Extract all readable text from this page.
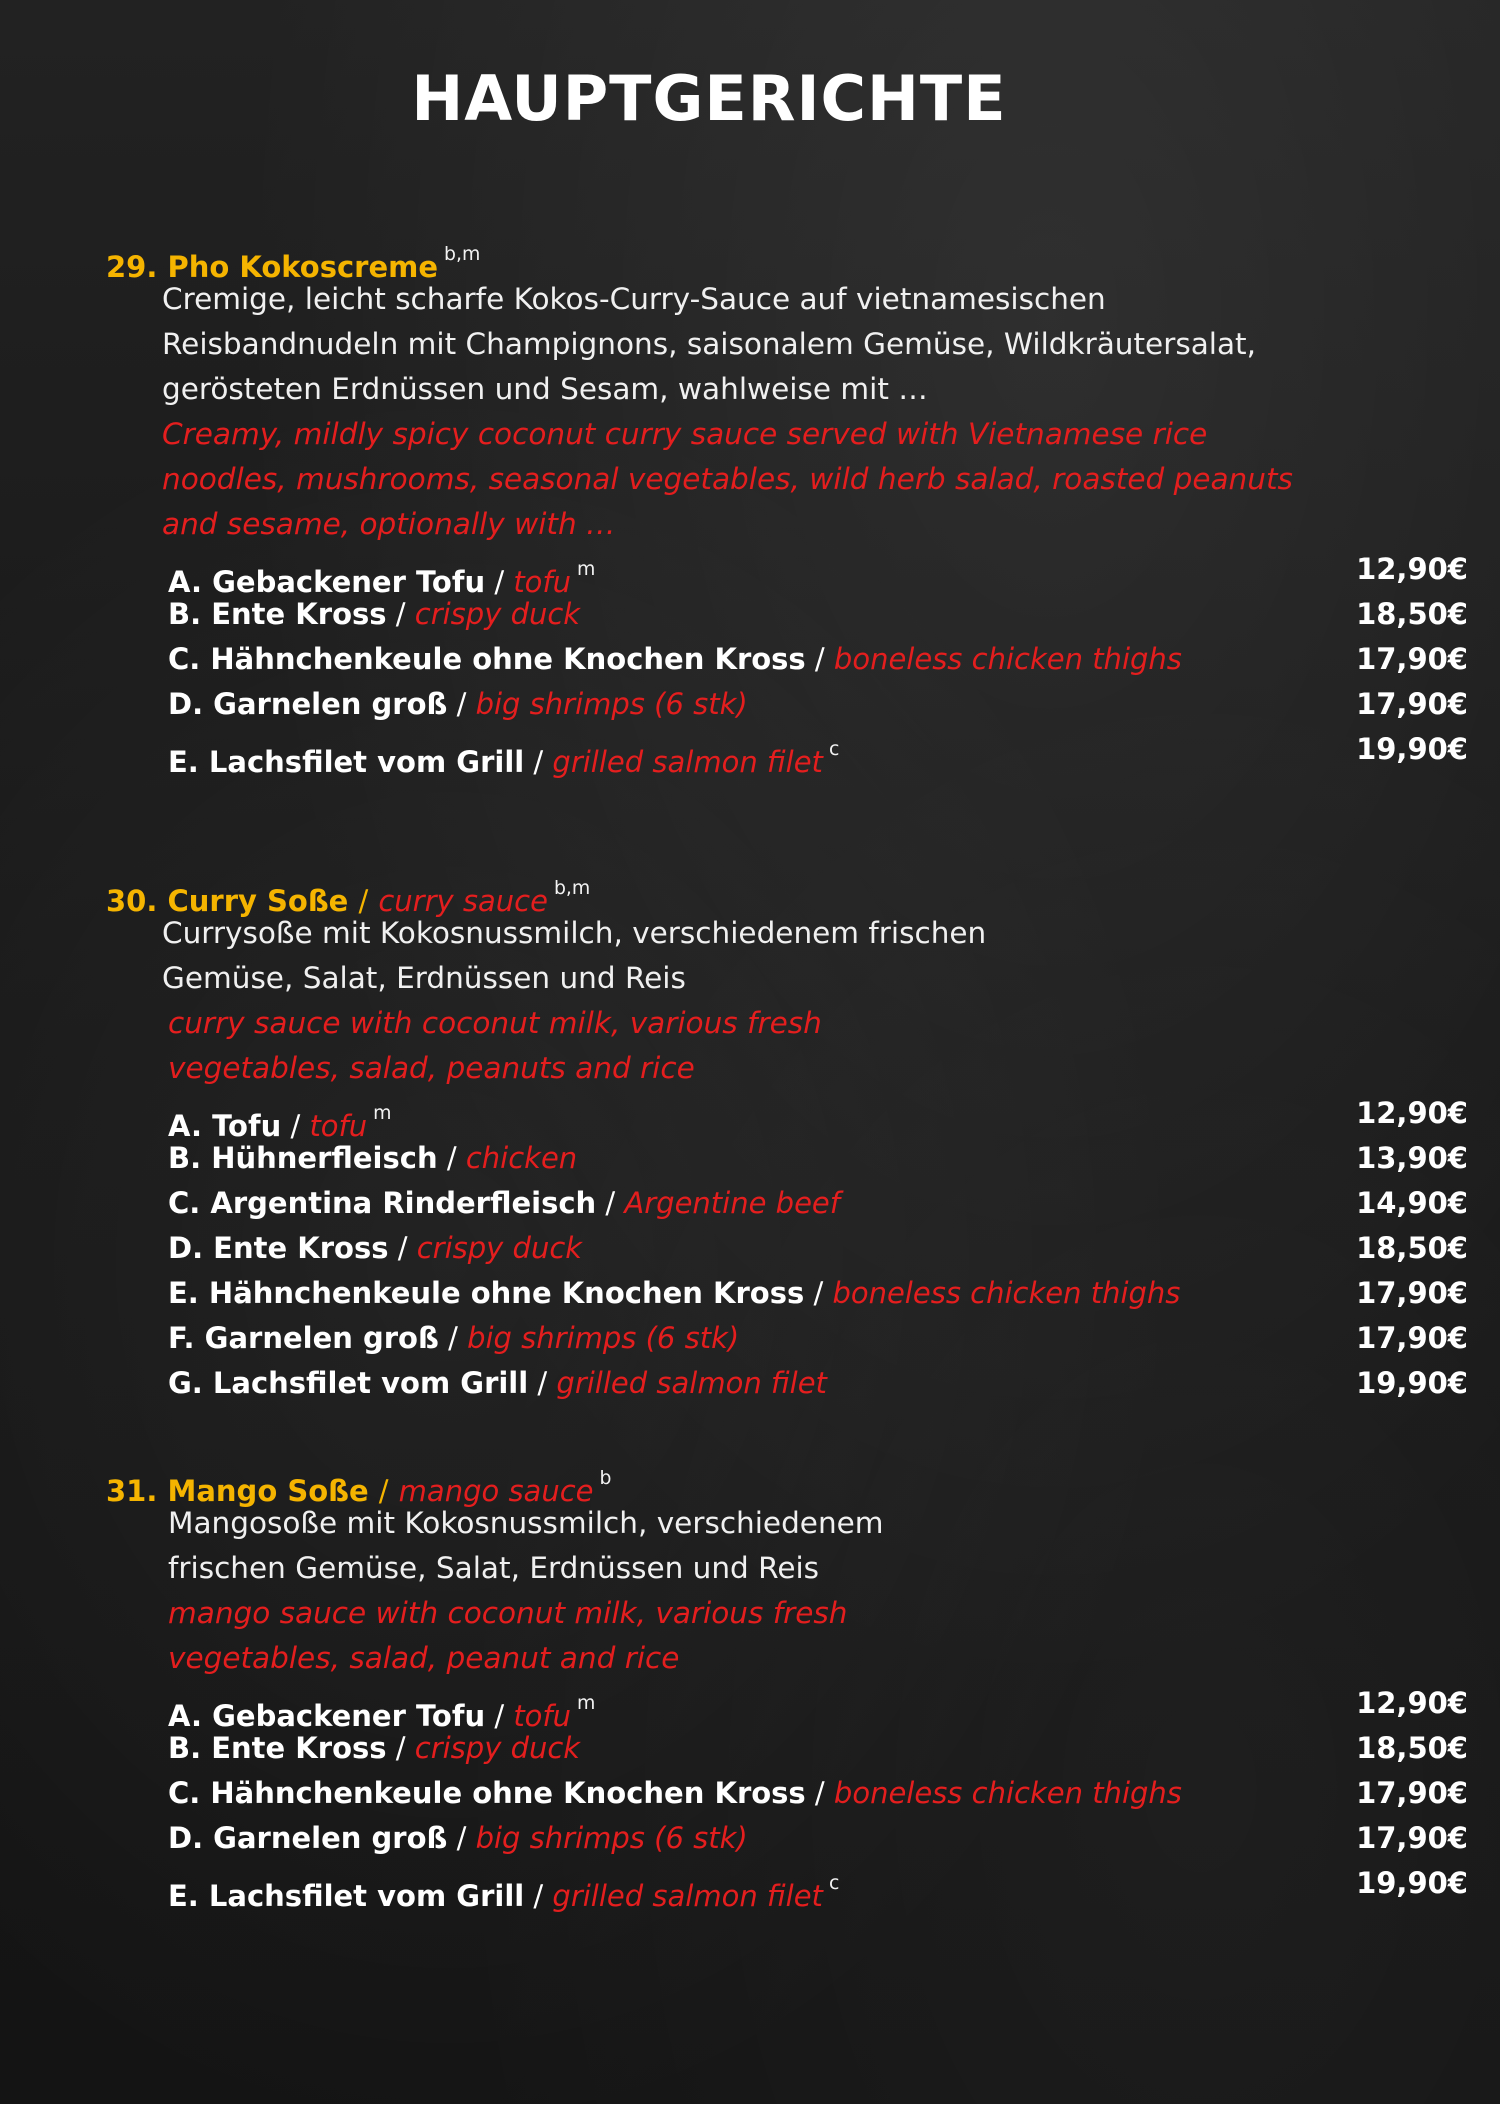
HAUPTGERICHTE
29. Pho Kokoscreme $^{b,m}$
Cremige, leicht scharfe Kokos-Curry-Sauce auf vietnamesischen
Reisbandnudeln mit Champignons, saisonalem Gemüse, Wildkräutersalat,
gerösteten Erdnüssen und Sesam, wahlweise mit …
Creamy, mildly spicy coconut curry sauce served with Vietnamese rice
noodles, mushrooms, seasonal vegetables, wild herb salad, roasted peanuts
and sesame, optionally with …
A. Gebackener Tofu / tofu $^m$	12,90€
B. Ente Kross / crispy duck	18,50€
C. Hähnchenkeule ohne Knochen Kross / boneless chicken thighs	17,90€
D. Garnelen groß / big shrimps (6 stk)	17,90€
E. Lachsfilet vom Grill / grilled salmon filet $^c$	19,90€
30. Curry Soße / curry sauce $^{b,m}$
Currysoße mit Kokosnussmilch, verschiedenem frischen
Gemüse, Salat, Erdnüssen und Reis
curry sauce with coconut milk, various fresh
vegetables, salad, peanuts and rice
A. Tofu / tofu $^m$	12,90€
B. Hühnerfleisch / chicken	13,90€
C. Argentina Rinderfleisch / Argentine beef	14,90€
D. Ente Kross / crispy duck	18,50€
E. Hähnchenkeule ohne Knochen Kross / boneless chicken thighs	17,90€
F. Garnelen groß / big shrimps (6 stk)	17,90€
G. Lachsfilet vom Grill / grilled salmon filet	19,90€
31. Mango Soße / mango sauce $^b$
Mangosoße mit Kokosnussmilch, verschiedenem
frischen Gemüse, Salat, Erdnüssen und Reis
mango sauce with coconut milk, various fresh
vegetables, salad, peanut and rice
A. Gebackener Tofu / tofu $^m$	12,90€
B. Ente Kross / crispy duck	18,50€
C. Hähnchenkeule ohne Knochen Kross / boneless chicken thighs	17,90€
D. Garnelen groß / big shrimps (6 stk)	17,90€
E. Lachsfilet vom Grill / grilled salmon filet $^c$	19,90€
